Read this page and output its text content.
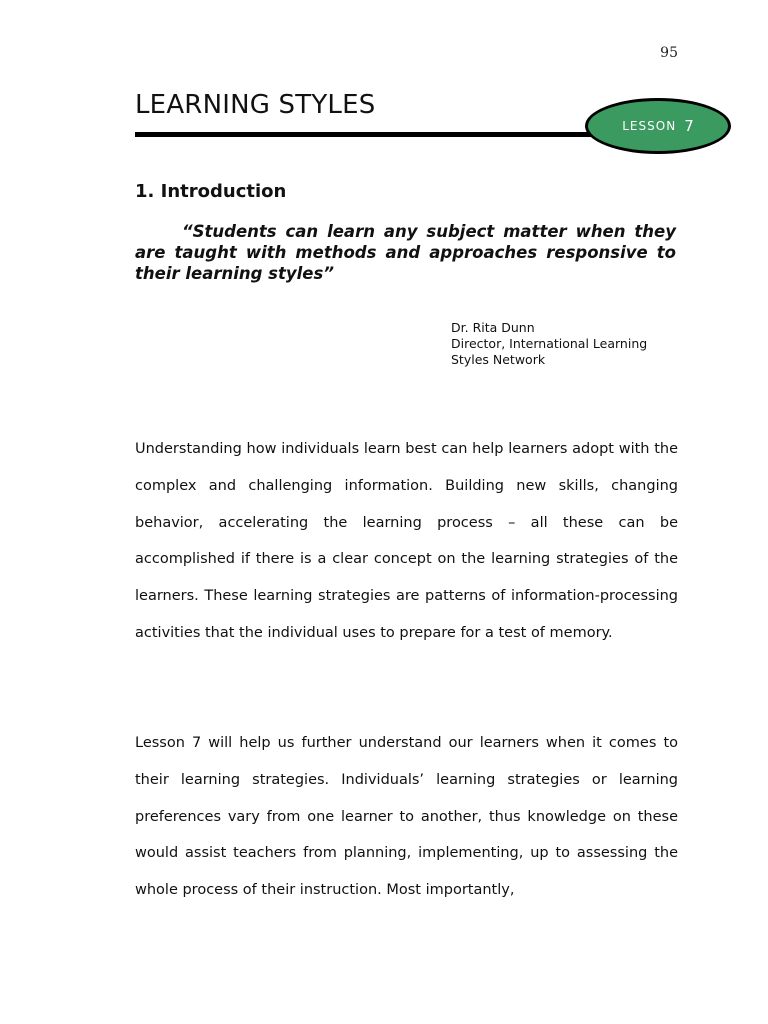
95
LEARNING STYLES
LESSON 7
1. Introduction

“Students can learn any subject matter when they are taught with methods and approaches responsive to their learning styles”

Dr. Rita Dunn
Director, International Learning
Styles Network

Understanding how individuals learn best can help learners adopt with the complex and challenging information. Building new skills, changing behavior, accelerating the learning process – all these can be accomplished if there is a clear concept on the learning strategies of the learners. These learning strategies are patterns of information-processing activities that the individual uses to prepare for a test of memory.

Lesson 7 will help us further understand our learners when it comes to their learning strategies. Individuals’ learning strategies or learning preferences vary from one learner to another, thus knowledge on these would assist teachers from planning, implementing, up to assessing the whole process of their instruction. Most importantly,
